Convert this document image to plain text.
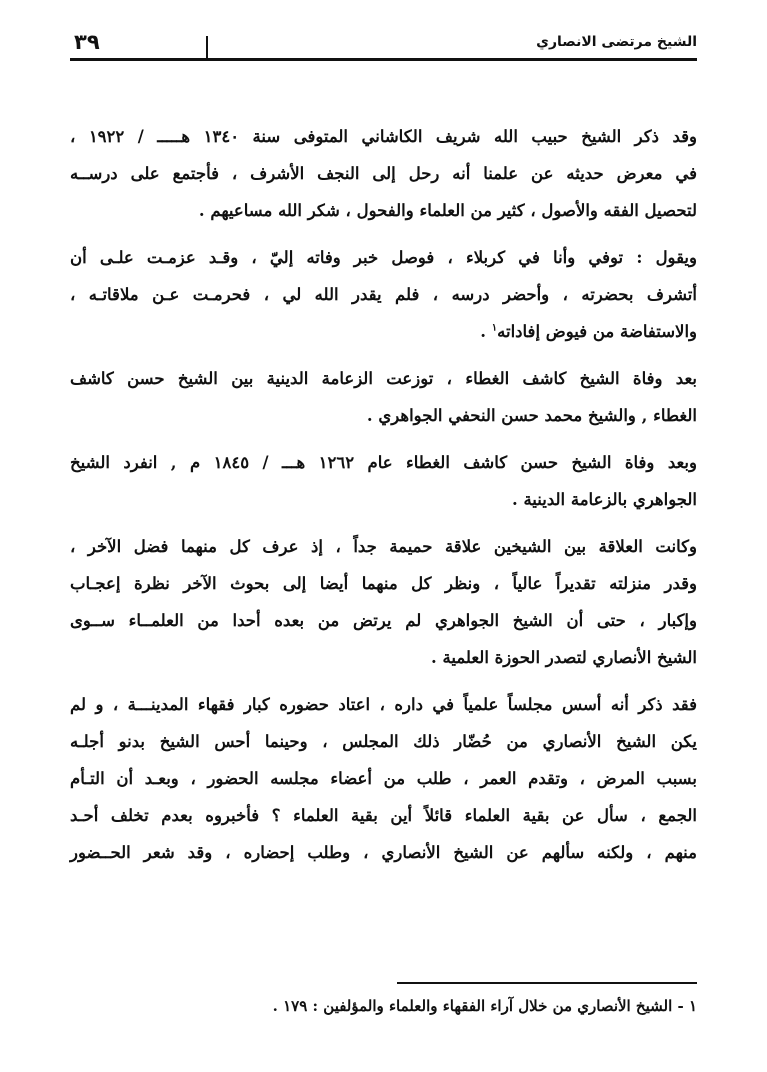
الشيخ مرتضى الانصاري
٣٩
وقد ذكر الشيخ حبيب الله شريف الكاشاني المتوفى سنة ١٣٤٠ هـــــ / ١٩٢٢ ،
في معرض حديثه عن علمنا أنه رحل إلى النجف الأشرف ، فأجتمع على درســه
لتحصيل الفقه والأصول ، كثير من العلماء والفحول ، شكر الله مساعيهم .
ويقول : توفي وأنا في كربلاء ، فوصل خبر وفاته إليّ ، وقـد عزمـت علـى أن
أتشرف بحضرته ، وأحضر درسه ، فلم يقدر الله لي ، فحرمـت عـن ملاقاتـه ،
والاستفاضة من فيوض إفاداته$^١$ .
بعد وفاة الشيخ كاشف الغطاء ، توزعت الزعامة الدينية بين الشيخ حسن كاشف
الغطاء , والشيخ محمد حسن النحفي الجواهري .
وبعد وفاة الشيخ حسن كاشف الغطاء عام ١٢٦٢ هـــ / ١٨٤٥ م , انفرد الشيخ
الجواهري بالزعامة الدينية .
وكانت العلاقة بين الشيخين علاقة حميمة جداً ، إذ عرف كل منهما فضل الآخر ،
وقدر منزلته تقديراً عالياً ، ونظر كل منهما أيضا إلى بحوث الآخر نظرة إعجـاب
وإكبار ، حتى أن الشيخ الجواهري لم يرتض من بعده أحدا من العلمــاء ســوى
الشيخ الأنصاري لتصدر الحوزة العلمية .
فقد ذكر أنه أسس مجلساً علمياً في داره ، اعتاد حضوره كبار فقهاء المدينـــة ، و لم
يكن الشيخ الأنصاري من حُضّار ذلك المجلس ، وحينما أحس الشيخ بدنو أجلـه
بسبب المرض ، وتقدم العمر ، طلب من أعضاء مجلسه الحضور ، وبعـد أن التـأم
الجمع ، سأل عن بقية العلماء قائلاً أين بقية العلماء ؟ فأخبروه بعدم تخلف أحـد
منهم ، ولكنه سألهم عن الشيخ الأنصاري ، وطلب إحضاره ، وقد شعر الحــضور
١ - الشيخ الأنصاري من خلال آراء الفقهاء والعلماء والمؤلفين : ١٧٩ .
